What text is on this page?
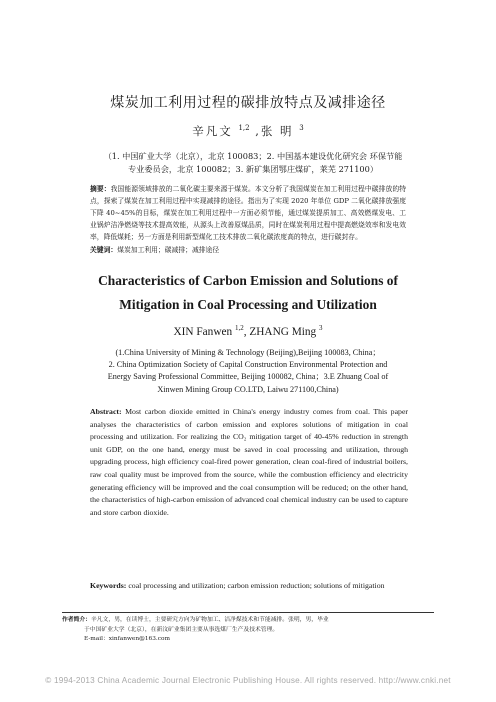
煤炭加工利用过程的碳排放特点及减排途径
辛凡文 $^{1,2}$ ,张 明 $^3$
（1. 中国矿业大学（北京），北京 100083；2. 中国基本建设优化研究会 环保节能
专业委员会，北京 100082；3. 新矿集团鄂庄煤矿，莱芜 271100）
摘要：我国能源领域排放的二氧化碳主要来源于煤炭。本文分析了我国煤炭在加工利用过程中碳排放的特点，探索了煤炭在加工利用过程中实现减排的途径。指出为了实现 2020 年单位 GDP 二氧化碳排放强度下降 40~45%的目标，煤炭在加工利用过程中一方面必须节能，通过煤炭提质加工、高效燃煤发电、工业锅炉洁净燃烧等技术提高效能，从源头上改善原煤品质，同时在煤炭利用过程中提高燃烧效率和发电效率，降低煤耗；另一方面是利用新型煤化工技术排放二氧化碳浓度高的特点，进行碳封存。
关键词：煤炭加工利用；碳减排；减排途径
Characteristics of Carbon Emission and Solutions of
Mitigation in Coal Processing and Utilization
XIN Fanwen $^{1,2}$, ZHANG Ming $^3$
(1.China University of Mining & Technology (Beijing),Beijing 100083, China；
2. China Optimization Society of Capital Construction Environmental Protection and
Energy Saving Professional Committee, Beijing 100082, China；3.E Zhuang Coal of
Xinwen Mining Group CO.LTD, Laiwu 271100,China)
Abstract: Most carbon dioxide emitted in China's energy industry comes from coal. This paper analyses the characteristics of carbon emission and explores solutions of mitigation in coal processing and utilization. For realizing the CO₂ mitigation target of 40-45% reduction in strength unit GDP, on the one hand, energy must be saved in coal processing and utilization, through upgrading process, high efficiency coal-fired power generation, clean coal-fired of industrial boilers, raw coal quality must be improved from the source, while the combustion efficiency and electricity generating efficiency will be improved and the coal consumption will be reduced; on the other hand, the characteristics of high-carbon emission of advanced coal chemical industry can be used to capture and store carbon dioxide.
Keywords: coal processing and utilization; carbon emission reduction; solutions of mitigation
作者简介：辛凡文，男，在读博士，主要研究方向为矿物加工、洁净煤技术和节能减排。张明，男，毕业
于中国矿业大学（北京），在新汶矿业集团主要从事选煤厂生产及技术管理。
E-mail：xinfanwen@163.com
© 1994-2013 China Academic Journal Electronic Publishing House. All rights reserved. http://www.cnki.net
